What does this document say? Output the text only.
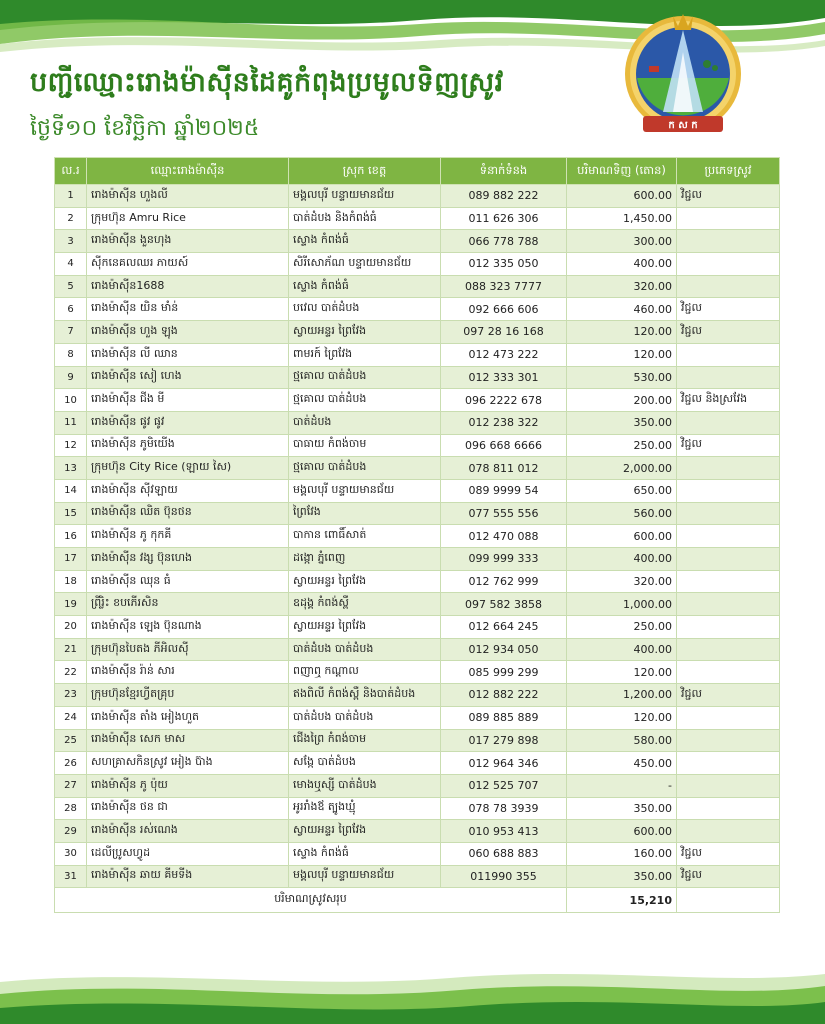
ក ស ក
បញ្ជីឈ្មោះរោងម៉ាស៊ីនដៃគូកំពុងប្រមូលទិញស្រូវ
ថ្ងៃទី១០ ខែវិច្ឆិកា ឆ្នាំ២០២៥
ល.រ	ឈ្មោះរោងម៉ាស៊ីន	ស្រុក ខេត្ត	ទំនាក់ទំនង	បរិមាណទិញ (តោន)	ប្រភេទស្រូវ
1	រោងម៉ាស៊ីន ហួងលី	មង្គលបុរី បន្ទាយមានជ័យ	089 882 222	600.00	វិជ្ជល
2	ក្រុមហ៊ុន Amru Rice	បាត់ដំបង និងកំពង់ធំ	011 626 306	1,450.00	
3	រោងម៉ាស៊ីន ងួនហុង	ស្ទោង កំពង់ធំ	066 778 788	300.00	
4	ស៊ីកនេគលឈរ ភាយស៍	សិរីសោភ័ណ បន្ទាយមានជ័យ	012 335 050	400.00	
5	រោងម៉ាស៊ីន1688	ស្ទោង កំពង់ធំ	088 323 7777	320.00	
6	រោងម៉ាស៊ីន យិន មាំន់	បវេល បាត់ដំបង	092 666 606	460.00	វិជ្ជល
7	រោងម៉ាស៊ីន ហួង ឡុង	ស្វាយអន្ទរ ព្រៃវែង	097 28 16 168	120.00	វិជ្ជល
8	រោងម៉ាស៊ីន លី ឈាន	ពាមរក៍ ព្រៃវែង	012 473 222	120.00	
9	រោងម៉ាស៊ីន សៀ ហេង	ថ្មគោល បាត់ដំបង	012 333 301	530.00	
10	រោងម៉ាស៊ីន ជីង មី	ថ្មគោល បាត់ដំបង	096 2222 678	200.00	វិជ្ជល និងស្រវែង
11	រោងម៉ាស៊ីន ផូវ ផូវ	បាត់ដំបង	012 238 322	350.00	
12	រោងម៉ាស៊ីន ភូមិយើង	បាធាយ កំពង់ចាម	096 668 6666	250.00	វិជ្ជល
13	ក្រុមហ៊ុន City Rice (ឡាយ សៃ)	ថ្មគោល បាត់ដំបង	078 811 012	2,000.00	
14	រោងម៉ាស៊ីន ស៊ីវឡាយ	មង្គលបុរី បន្ទាយមានជ័យ	089 9999 54	650.00	
15	រោងម៉ាស៊ីន ឈិត ប៊ុនថន	ព្រៃវែង	077 555 556	560.00	
16	រោងម៉ាស៊ីន ភូ កុកគី	បាកាន ពោធិ៍សាត់	012 470 088	600.00	
17	រោងម៉ាស៊ីន វង្ស ប៊ុនហេង	ដង្កោ ភ្នំពេញ	099 999 333	400.00	
18	រោងម៉ាស៊ីន ឈុន ធំ	ស្វាយអន្ទរ ព្រៃវែង	012 762 999	320.00	
19	ព្រីរ្លិះ ខបភើរសិន	ឧដុង្គ កំពង់ស្ពឺ	097 582 3858	1,000.00	
20	រោងម៉ាស៊ីន ឡេង ប៊ុនណាង	ស្វាយអន្ទរ ព្រៃវែង	012 664 245	250.00	
21	ក្រុមហ៊ុនបៃតង ភីអិលស៊ី	បាត់ដំបង បាត់ដំបង	012 934 050	400.00	
22	រោងម៉ាស៊ីន រ៉ាន់ សារ	ពញាឮ កណ្តាល	085 999 299	120.00	
23	ក្រុមហ៊ុនខ្មែរហ្វីតគ្រុប	ឥងពិលី កំពង់ស្ពឺ និងបាត់ដំបង	012 882 222	1,200.00	វិជ្ជល
24	រោងម៉ាស៊ីន តាំង អៀងហួត	បាត់ដំបង បាត់ដំបង	089 885 889	120.00	
25	រោងម៉ាស៊ីន សេក មាស	ជើងព្រៃ កំពង់ចាម	017 279 898	580.00	
26	សហគ្រាសកិនស្រូវ អៀង ប៊ាង	សង្កែ បាត់ដំបង	012 964 346	450.00	
27	រោងម៉ាស៊ីន ភូ ប៉ុយ	មោងឬស្សី បាត់ដំបង	012 525 707	-	
28	រោងម៉ាស៊ីន ថន ជា	អូររាំងឪ ត្បូងឃ្មុំ	078 78 3939	350.00	
29	រោងម៉ាស៊ីន រស់ណេង	ស្វាយអន្ទរ ព្រៃវែង	010 953 413	600.00	
30	ដេលីប្រូសហ្វូដ	ស្ទោង កំពង់ធំ	060 688 883	160.00	វិជ្ជល
31	រោងម៉ាស៊ីន ឆាយ គីមទីង	មង្គលបុរី បន្ទាយមានជ័យ	011990 355	350.00	វិជ្ជល
បរិមាណស្រូវសរុប				15,210	
